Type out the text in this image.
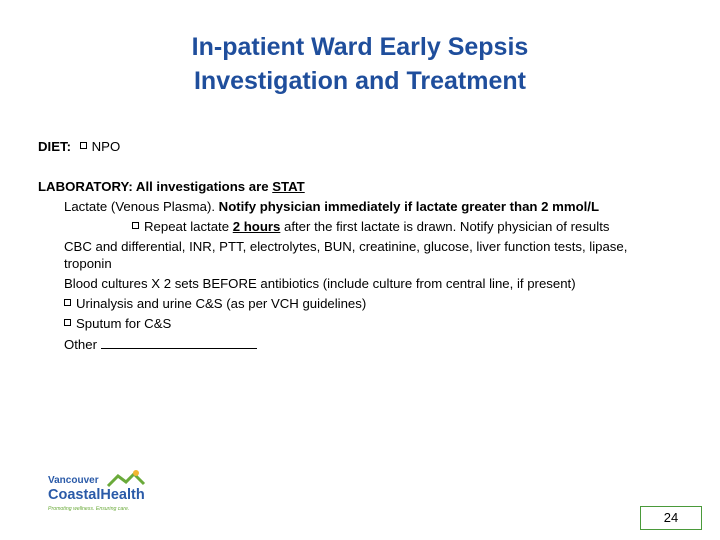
In-patient Ward Early Sepsis
Investigation and Treatment
DIET: NPO
LABORATORY: All investigations are STAT
Lactate (Venous Plasma). Notify physician immediately if lactate greater than 2 mmol/L
Repeat lactate 2 hours after the first lactate is drawn. Notify physician of results
CBC and differential, INR, PTT, electrolytes, BUN, creatinine, glucose, liver function tests, lipase,
troponin
Blood cultures X 2 sets BEFORE antibiotics (include culture from central line, if present)
Urinalysis and urine C&S (as per VCH guidelines)
Sputum for C&S
Other
Vancouver
CoastalHealth
Promoting wellness. Ensuring care.
24
